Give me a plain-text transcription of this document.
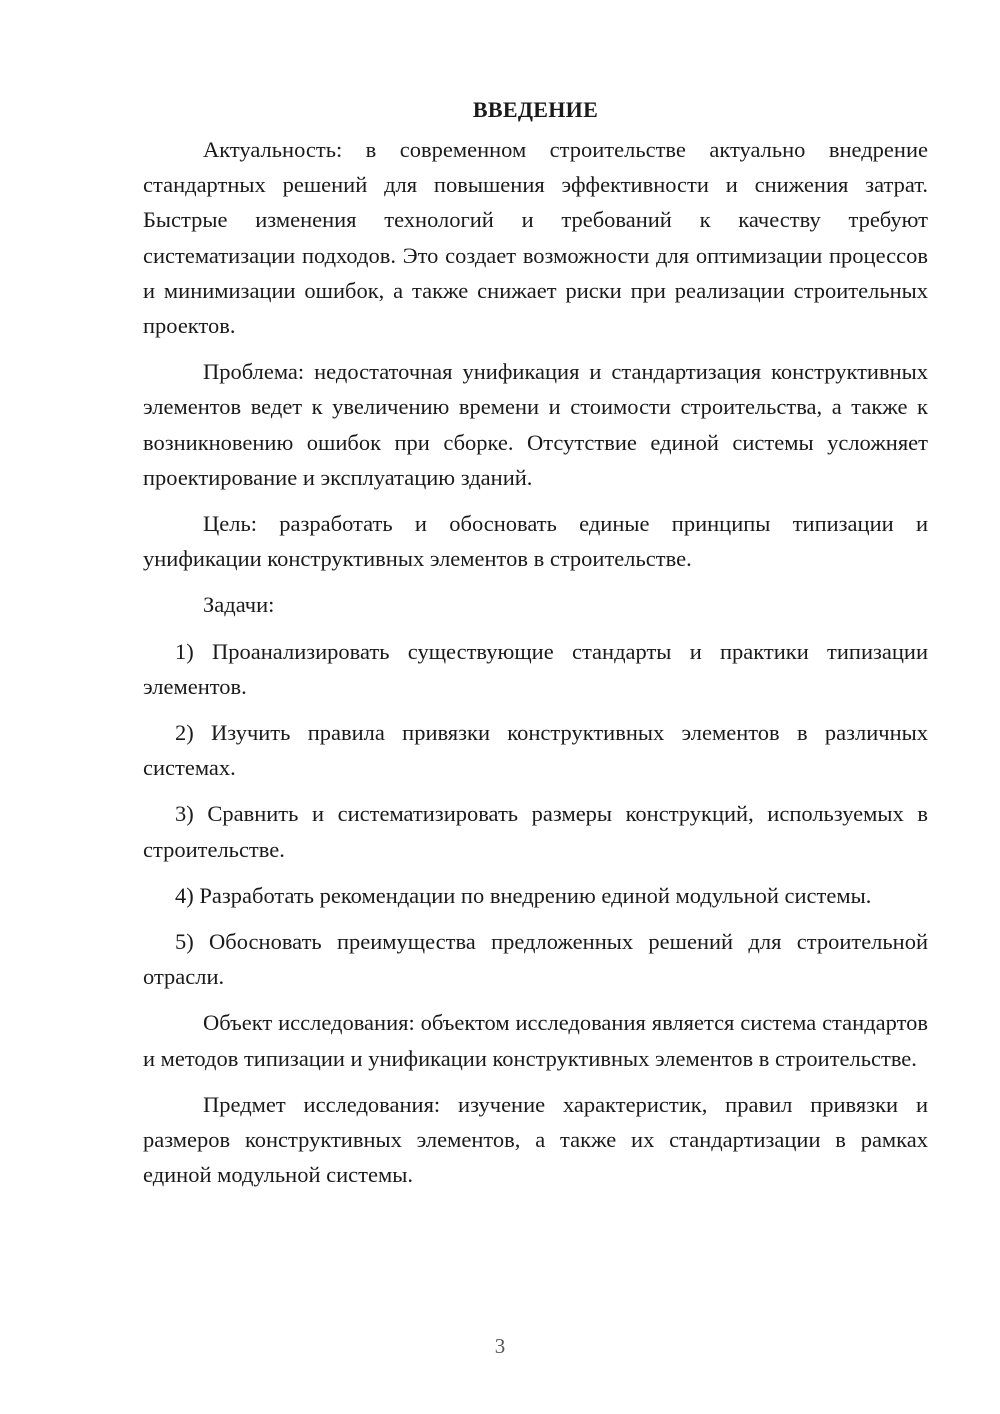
ВВЕДЕНИЕ

Актуальность: в современном строительстве актуально внедрение стандартных решений для повышения эффективности и снижения затрат. Быстрые изменения технологий и требований к качеству требуют систематизации подходов. Это создает возможности для оптимизации процессов и минимизации ошибок, а также снижает риски при реализации строительных проектов.

Проблема: недостаточная унификация и стандартизация конструктивных элементов ведет к увеличению времени и стоимости строительства, а также к возникновению ошибок при сборке. Отсутствие единой системы усложняет проектирование и эксплуатацию зданий.

Цель: разработать и обосновать единые принципы типизации и унификации конструктивных элементов в строительстве.

Задачи:

1) Проанализировать существующие стандарты и практики типизации элементов.

2) Изучить правила привязки конструктивных элементов в различных системах.

3) Сравнить и систематизировать размеры конструкций, используемых в строительстве.

4) Разработать рекомендации по внедрению единой модульной системы.

5) Обосновать преимущества предложенных решений для строительной отрасли.

Объект исследования: объектом исследования является система стандартов и методов типизации и унификации конструктивных элементов в строительстве.

Предмет исследования: изучение характеристик, правил привязки и размеров конструктивных элементов, а также их стандартизации в рамках единой модульной системы.

3
